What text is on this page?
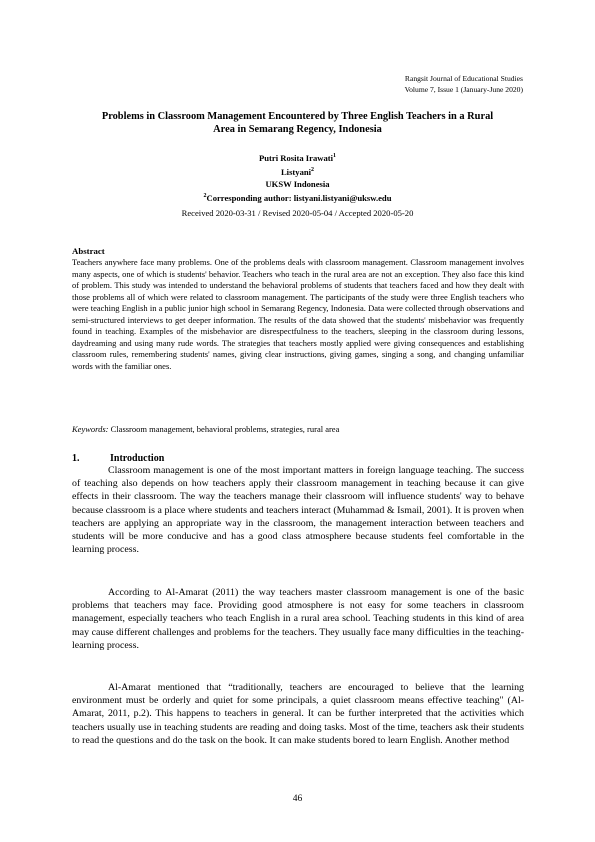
Rangsit Journal of Educational Studies
Volume 7, Issue 1 (January-June 2020)
Problems in Classroom Management Encountered by Three English Teachers in a Rural Area in Semarang Regency, Indonesia
Putri Rosita Irawati$^1$
Listyani$^2$
UKSW Indonesia
$^2$Corresponding author: listyani.listyani@uksw.edu
Received 2020-03-31 / Revised 2020-05-04 / Accepted 2020-05-20
Abstract
Teachers anywhere face many problems. One of the problems deals with classroom management. Classroom management involves many aspects, one of which is students' behavior. Teachers who teach in the rural area are not an exception. They also face this kind of problem. This study was intended to understand the behavioral problems of students that teachers faced and how they dealt with those problems all of which were related to classroom management. The participants of the study were three English teachers who were teaching English in a public junior high school in Semarang Regency, Indonesia. Data were collected through observations and semi-structured interviews to get deeper information. The results of the data showed that the students' misbehavior was frequently found in teaching. Examples of the misbehavior are disrespectfulness to the teachers, sleeping in the classroom during lessons, daydreaming and using many rude words. The strategies that teachers mostly applied were giving consequences and establishing classroom rules, remembering students' names, giving clear instructions, giving games, singing a song, and changing unfamiliar words with the familiar ones.
Keywords: Classroom management, behavioral problems, strategies, rural area
1.	Introduction

Classroom management is one of the most important matters in foreign language teaching. The success of teaching also depends on how teachers apply their classroom management in teaching because it can give effects in their classroom. The way the teachers manage their classroom will influence students' way to behave because classroom is a place where students and teachers interact (Muhammad & Ismail, 2001). It is proven when teachers are applying an appropriate way in the classroom, the management interaction between teachers and students will be more conducive and has a good class atmosphere because students feel comfortable in the learning process.

According to Al-Amarat (2011) the way teachers master classroom management is one of the basic problems that teachers may face. Providing good atmosphere is not easy for some teachers in classroom management, especially teachers who teach English in a rural area school. Teaching students in this kind of area may cause different challenges and problems for the teachers. They usually face many difficulties in the teaching-learning process.

Al-Amarat mentioned that “traditionally, teachers are encouraged to believe that the learning environment must be orderly and quiet for some principals, a quiet classroom means effective teaching" (Al-Amarat, 2011, p.2). This happens to teachers in general. It can be further interpreted that the activities which teachers usually use in teaching students are reading and doing tasks. Most of the time, teachers ask their students to read the questions and do the task on the book. It can make students bored to learn English. Another method

46
